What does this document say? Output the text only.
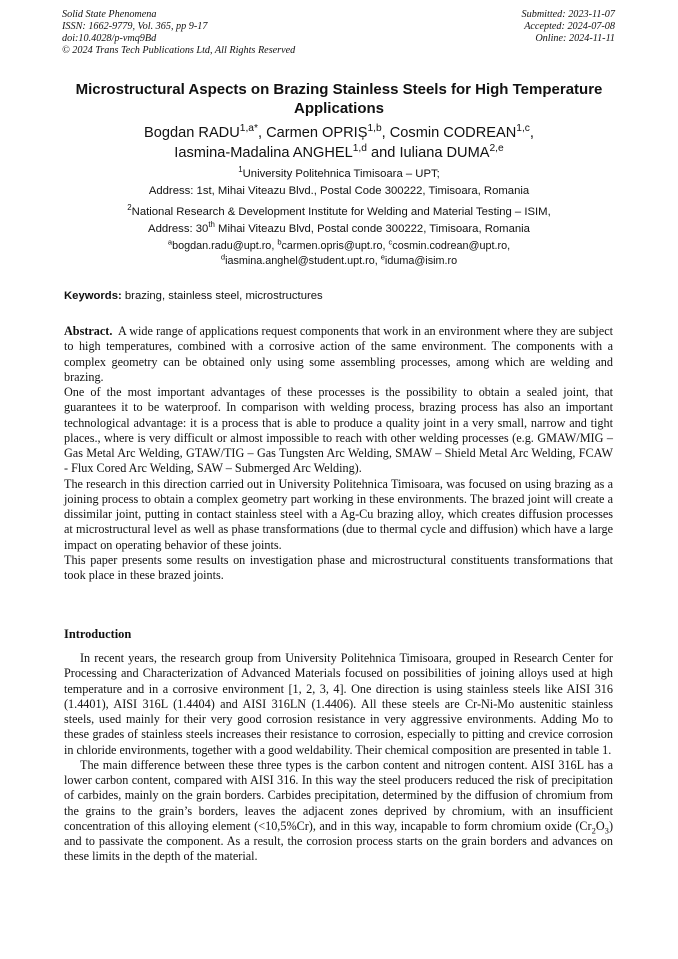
Solid State Phenomena
ISSN: 1662-9779, Vol. 365, pp 9-17
doi:10.4028/p-vmq9Bd
© 2024 Trans Tech Publications Ltd, All Rights Reserved
Submitted: 2023-11-07
Accepted: 2024-07-08
Online: 2024-11-11
Microstructural Aspects on Brazing Stainless Steels for High Temperature Applications
Bogdan $RADU^{1,a*}$, Carmen OPRIȘ$^{1,b}$, Cosmin CODREAN$^{1,c}$,
Iasmina-Madalina ANGHEL$^{1,d}$ and Iuliana DUMA$^{2,e}$
$^1$University Politehnica Timisoara – UPT;
Address: 1st, Mihai Viteazu Blvd., Postal Code 300222, Timisoara, Romania
$^2$National Research & Development Institute for Welding and Material Testing – ISIM,
Address: 30th Mihai Viteazu Blvd, Postal conde 300222, Timisoara, Romania
$^a$bogdan.radu@upt.ro, $^b$carmen.opris@upt.ro, $^c$cosmin.codrean@upt.ro,
$^d$iasmina.anghel@student.upt.ro, $^e$iduma@isim.ro
Keywords: brazing, stainless steel, microstructures

Abstract.  A wide range of applications request components that work in an environment where they are subject to high temperatures, combined with a corrosive action of the same environment. The components with a complex geometry can be obtained only using some assembling processes, among which are welding and brazing.

One of the most important advantages of these processes is the possibility to obtain a sealed joint, that guarantees it to be waterproof. In comparison with welding process, brazing process has also an important technological advantage: it is a process that is able to produce a quality joint in a very small, narrow and tight places., where is very difficult or almost impossible to reach with other welding processes (e.g. GMAW/MIG – Gas Metal Arc Welding, GTAW/TIG – Gas Tungsten Arc Welding, SMAW – Shield Metal Arc Welding, FCAW - Flux Cored Arc Welding, SAW – Submerged Arc Welding).

The research in this direction carried out in University Politehnica Timisoara, was focused on using brazing as a joining process to obtain a complex geometry part working in these environments. The brazed joint will create a dissimilar joint, putting in contact stainless steel with a Ag-Cu brazing alloy, which creates diffusion processes at microstructural level as well as phase transformations (due to thermal cycle and diffusion) which have a large impact on operating behavior of these joints.

This paper presents some results on investigation phase and microstructural constituents transformations that took place in these brazed joints.

Introduction

In recent years, the research group from University Politehnica Timisoara, grouped in Research Center for Processing and Characterization of Advanced Materials focused on possibilities of joining alloys used at high temperature and in a corrosive environment [1, 2, 3, 4]. One direction is using stainless steels like AISI 316 (1.4401), AISI 316L (1.4404) and AISI 316LN (1.4406). All these steels are Cr-Ni-Mo austenitic stainless steels, used mainly for their very good corrosion resistance in very aggressive environments. Adding Mo to these grades of stainless steels increases their resistance to corrosion, especially to pitting and crevice corrosion in chloride environments, together with a good weldability. Their chemical composition are presented in table 1.

The main difference between these three types is the carbon content and nitrogen content. AISI 316L has a lower carbon content, compared with AISI 316. In this way the steel producers reduced the risk of precipitation of carbides, mainly on the grain borders. Carbides precipitation, determined by the diffusion of chromium from the grains to the grain’s borders, leaves the adjacent zones deprived by chromium, with an insufficient concentration of this alloying element (<10,5%Cr), and in this way, incapable to form chromium oxide $(Cr_2O_3)$ and to passivate the component. As a result, the corrosion process starts on the grain borders and advances on these limits in the depth of the material.
